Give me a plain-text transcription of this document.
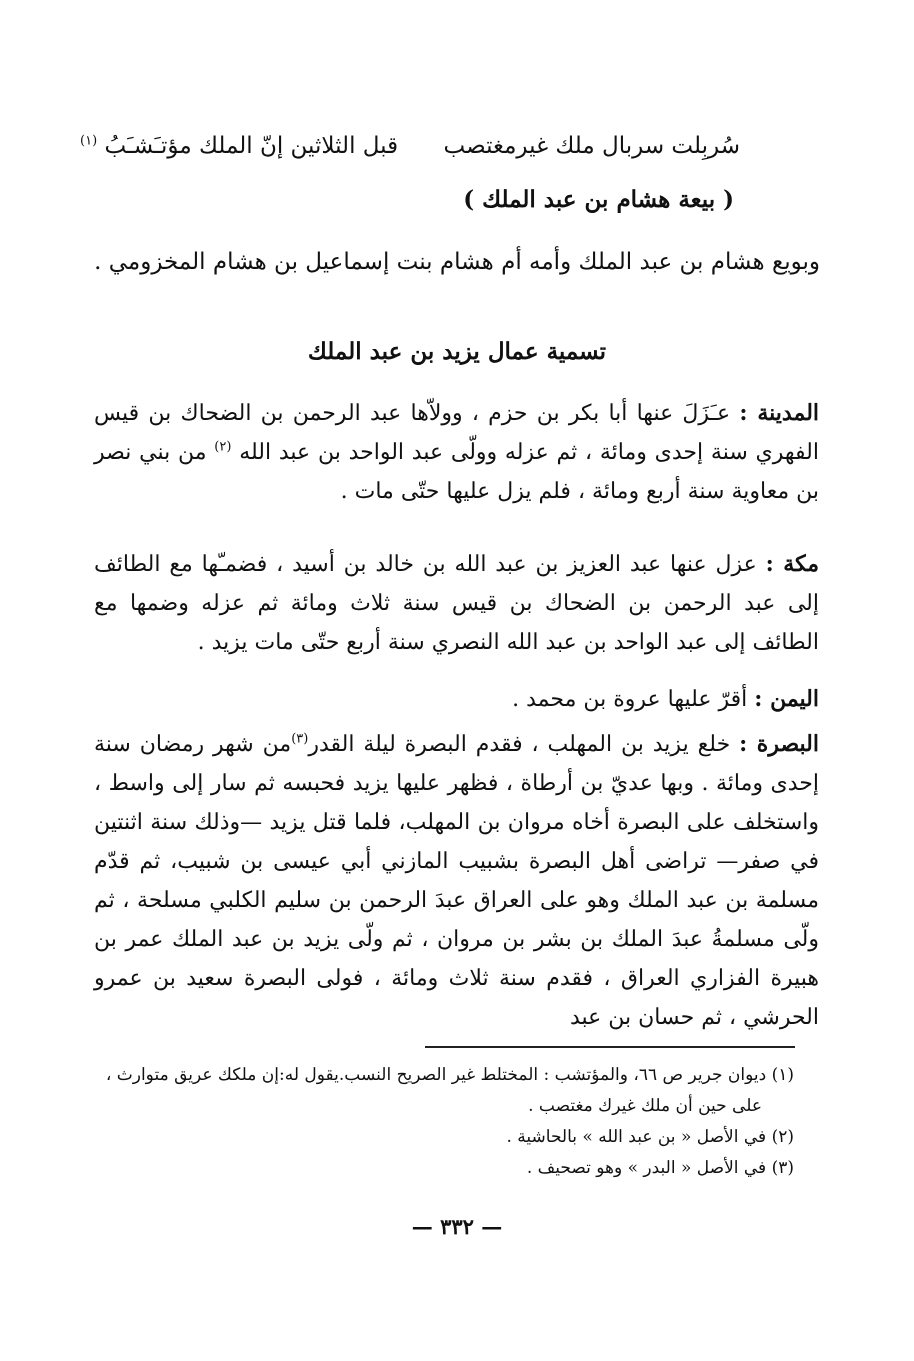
سُربِلت سربال ملك غيرمغتصب
قبل الثلاثين إنّ الملك مؤتـَشـَبُ $^{(١)}$
( بيعة هشام بن عبد الملك )
وبويع هشام بن عبد الملك وأمه أم هشام بنت إسماعيل بن هشام المخزومي .
تسمية عمال يزيد بن عبد الملك
المدينة : عـَزَلَ عنها أبا بكر بن حزم ، وولاّها عبد الرحمن بن الضحاك بن قيس الفهري سنة إحدى ومائة ، ثم عزله وولّى عبد الواحد بن عبد الله $^{(٢)}$ من بني نصر بن معاوية سنة أربع ومائة ، فلم يزل عليها حتّى مات .
مكة : عزل عنها عبد العزيز بن عبد الله بن خالد بن أسيد ، فضمـّها مع الطائف إلى عبد الرحمن بن الضحاك بن قيس سنة ثلاث ومائة ثم عزله وضمها مع الطائف إلى عبد الواحد بن عبد الله النصري سنة أربع حتّى مات يزيد .
اليمن : أقرّ عليها عروة بن محمد .
البصرة : خلع يزيد بن المهلب ، فقدم البصرة ليلة القدر$^{(٣)}$من شهر رمضان سنة إحدى ومائة . وبها عديّ بن أرطاة ، فظهر عليها يزيد فحبسه ثم سار إلى واسط ، واستخلف على البصرة أخاه مروان بن المهلب، فلما قتل يزيد —وذلك سنة اثنتين في صفر— تراضى أهل البصرة بشبيب المازني أبي عيسى بن شبيب، ثم قدّم مسلمة بن عبد الملك وهو على العراق عبدَ الرحمن بن سليم الكلبي مسلحة ، ثم ولّى مسلمةُ عبدَ الملك بن بشر بن مروان ، ثم ولّى يزيد بن عبد الملك عمر بن هبيرة الفزاري العراق ، فقدم سنة ثلاث ومائة ، فولى البصرة سعيد بن عمرو الحرشي ، ثم حسان بن عبد
(١) ديوان جرير ص ٦٦، والمؤتشب : المختلط غير الصريح النسب.يقول له:إن ملكك عريق متوارث ،
على حين أن ملك غيرك مغتصب .
(٢) في الأصل « بن عبد الله » بالحاشية .
(٣) في الأصل « البدر » وهو تصحيف .
— ٣٣٢ —
